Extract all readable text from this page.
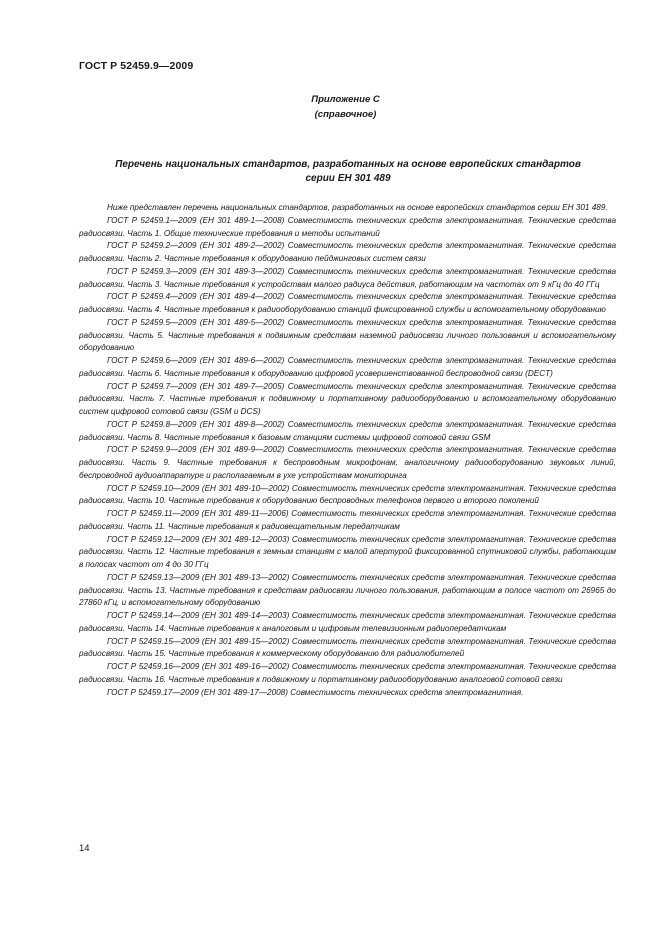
ГОСТ Р 52459.9—2009
Приложение С
(справочное)
Перечень национальных стандартов, разработанных на основе европейских стандартов
серии ЕН 301 489

Ниже представлен перечень национальных стандартов, разработанных на основе европейских стандартов серии ЕН 301 489.

ГОСТ Р 52459.1—2009 (ЕН 301 489-1—2008) Совместимость технических средств электромагнитная. Технические средства радиосвязи. Часть 1. Общие технические требования и методы испытаний

ГОСТ Р 52459.2—2009 (ЕН 301 489-2—2002) Совместимость технических средств электромагнитная. Технические средства радиосвязи. Часть 2. Частные требования к оборудованию пейджинговых систем связи

ГОСТ Р 52459.3—2009 (ЕН 301 489-3—2002) Совместимость технических средств электромагнитная. Технические средства радиосвязи. Часть 3. Частные требования к устройствам малого радиуса действия, работающим на частотах от 9 кГц до 40 ГГц

ГОСТ Р 52459.4—2009 (ЕН 301 489-4—2002) Совместимость технических средств электромагнитная. Технические средства радиосвязи. Часть 4. Частные требования к радиооборудованию станций фиксированной службы и вспомогательному оборудованию

ГОСТ Р 52459.5—2009 (ЕН 301 489-5—2002) Совместимость технических средств электромагнитная. Технические средства радиосвязи. Часть 5. Частные требования к подвижным средствам наземной радиосвязи личного пользования и вспомогательному оборудованию

ГОСТ Р 52459.6—2009 (ЕН 301 489-6—2002) Совместимость технических средств электромагнитная. Технические средства радиосвязи. Часть 6. Частные требования к оборудованию цифровой усовершенствованной беспроводной связи (DECT)

ГОСТ Р 52459.7—2009 (ЕН 301 489-7—2005) Совместимость технических средств электромагнитная. Технические средства радиосвязи. Часть 7. Частные требования к подвижному и портативному радиооборудованию и вспомогательному оборудованию систем цифровой сотовой связи (GSM и DCS)

ГОСТ Р 52459.8—2009 (ЕН 301 489-8—2002) Совместимость технических средств электромагнитная. Технические средства радиосвязи. Часть 8. Частные требования к базовым станциям системы цифровой сотовой связи GSM

ГОСТ Р 52459.9—2009 (ЕН 301 489-9—2002) Совместимость технических средств электромагнитная. Технические средства радиосвязи. Часть 9. Частные требования к беспроводным микрофонам, аналогичному радиооборудованию звуковых линий, беспроводной аудиоаппаратуре и располагаемым в ухе устройствам мониторинга

ГОСТ Р 52459.10—2009 (ЕН 301 489-10—2002) Совместимость технических средств электромагнитная. Технические средства радиосвязи. Часть 10. Частные требования к оборудованию беспроводных телефонов первого и второго поколений

ГОСТ Р 52459.11—2009 (ЕН 301 489-11—2006) Совместимость технических средств электромагнитная. Технические средства радиосвязи. Часть 11. Частные требования к радиовещательным передатчикам

ГОСТ Р 52459.12—2009 (ЕН 301 489-12—2003) Совместимость технических средств электромагнитная. Технические средства радиосвязи. Часть 12. Частные требования к земным станциям с малой апертурой фиксированной спутниковой службы, работающим в полосах частот от 4 до 30 ГГц

ГОСТ Р 52459.13—2009 (ЕН 301 489-13—2002) Совместимость технических средств электромагнитная. Технические средства радиосвязи. Часть 13. Частные требования к средствам радиосвязи личного пользования, работающим в полосе частот от 26965 до 27860 кГц, и вспомогательному оборудованию

ГОСТ Р 52459.14—2009 (ЕН 301 489-14—2003) Совместимость технических средств электромагнитная. Технические средства радиосвязи. Часть 14. Частные требования к аналоговым и цифровым телевизионным радиопередатчикам

ГОСТ Р 52459.15—2009 (ЕН 301 489-15—2002) Совместимость технических средств электромагнитная. Технические средства радиосвязи. Часть 15. Частные требования к коммерческому оборудованию для радиолюбителей

ГОСТ Р 52459.16—2009 (ЕН 301 489-16—2002) Совместимость технических средств электромагнитная. Технические средства радиосвязи. Часть 16. Частные требования к подвижному и портативному радиооборудованию аналоговой сотовой связи

ГОСТ Р 52459.17—2009 (ЕН 301 489-17—2008) Совместимость технических средств электромагнитная.

14
